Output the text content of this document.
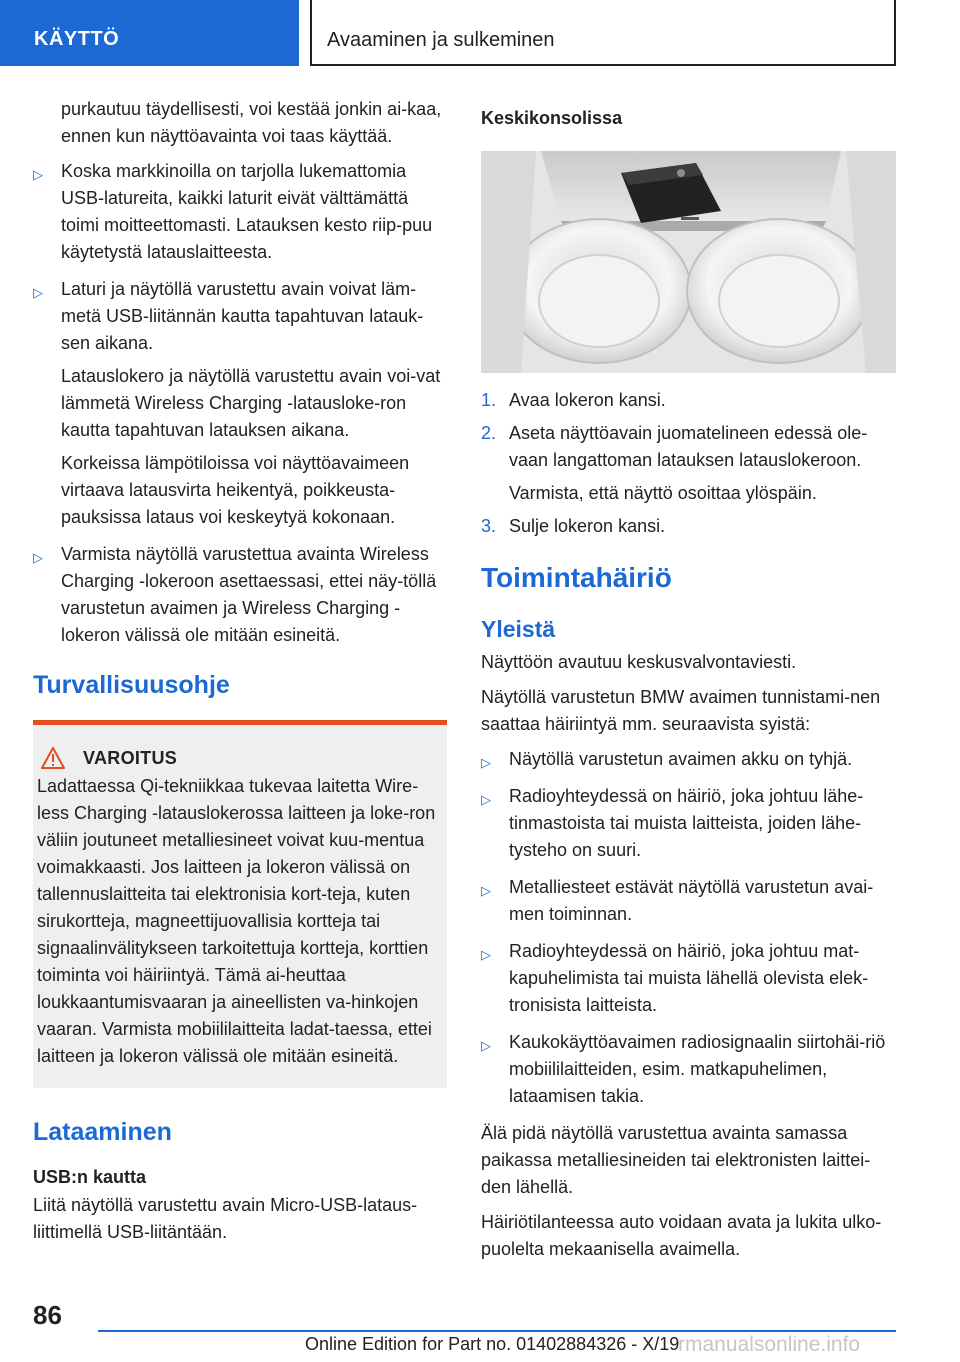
KÄYTTÖ	Avaaminen ja sulkeminen

purkautuu täydellisesti, voi kestää jonkin ai-kaa, ennen kun näyttöavainta voi taas käyttää.

▷ Koska markkinoilla on tarjolla lukemattomia USB-latureita, kaikki laturit eivät välttämättä toimi moitteettomasti. Latauksen kesto riip-puu käytetystä latauslaitteesta.
▷ Laturi ja näytöllä varustettu avain voivat läm-metä USB-liitännän kautta tapahtuvan latauk-sen aikana.

Latauslokero ja näytöllä varustettu avain voi-vat lämmetä Wireless Charging -latausloke-ron kautta tapahtuvan latauksen aikana.

Korkeissa lämpötiloissa voi näyttöavaimeen virtaava latausvirta heikentyä, poikkeusta-pauksissa lataus voi keskeytyä kokonaan.

▷ Varmista näytöllä varustettua avainta Wireless Charging -lokeroon asettaessasi, ettei näy-töllä varustetun avaimen ja Wireless Charging -lokeron välissä ole mitään esineitä.
Turvallisuusohje
VAROITUS

Ladattaessa Qi-tekniikkaa tukevaa laitetta Wire-less Charging -latauslokerossa laitteen ja loke-ron väliin joutuneet metalliesineet voivat kuu-mentua voimakkaasti. Jos laitteen ja lokeron välissä on tallennuslaitteita tai elektronisia kort-teja, kuten sirukortteja, magneettijuovallisia kortteja tai signaalinvälitykseen tarkoitettuja kortteja, korttien toiminta voi häiriintyä. Tämä ai-heuttaa loukkaantumisvaaran ja aineellisten va-hinkojen vaaran. Varmista mobiililaitteita ladat-taessa, ettei laitteen ja lokeron välissä ole mitään esineitä.

Lataaminen
USB:n kautta

Liitä näytöllä varustettu avain Micro-USB-lataus-liittimellä USB-liitäntään.

Keskikonsolissa
1. Avaa lokeron kansi.
2. Aseta näyttöavain juomatelineen edessä ole-vaan langattoman latauksen latauslokeroon.

Varmista, että näyttö osoittaa ylöspäin.

3. Sulje lokeron kansi.
Toimintahäiriö
Yleistä

Näyttöön avautuu keskusvalvontaviesti.

Näytöllä varustetun BMW avaimen tunnistami-nen saattaa häiriintyä mm. seuraavista syistä:

▷ Näytöllä varustetun avaimen akku on tyhjä.
▷ Radioyhteydessä on häiriö, joka johtuu lähe-tinmastoista tai muista laitteista, joiden lähe-tysteho on suuri.
▷ Metalliesteet estävät näytöllä varustetun avai-men toiminnan.
▷ Radioyhteydessä on häiriö, joka johtuu mat-kapuhelimista tai muista lähellä olevista elek-tronisista laitteista.
▷ Kaukokäyttöavaimen radiosignaalin siirtohäi-riö mobiililaitteiden, esim. matkapuhelimen, lataamisen takia.

Älä pidä näytöllä varustettua avainta samassa paikassa metalliesineiden tai elektronisten laittei-den lähellä.

Häiriötilanteessa auto voidaan avata ja lukita ulko-puolelta mekaanisella avaimella.

86
Online Edition for Part no. 01402884326 - X/19
rmanualsonline.info
